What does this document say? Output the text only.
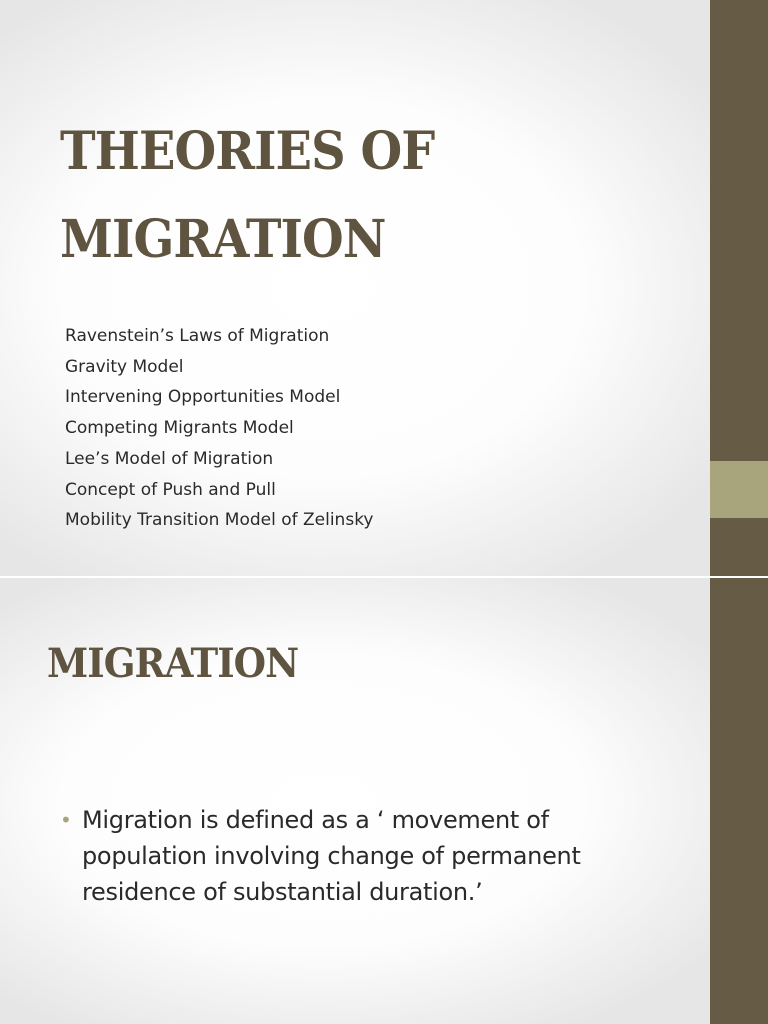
THEORIES OF
MIGRATION
Ravenstein’s Laws of Migration
Gravity Model
Intervening Opportunities Model
Competing Migrants Model
Lee’s Model of Migration
Concept of Push and Pull
Mobility Transition Model of Zelinsky
MIGRATION
• Migration is defined as a ‘ movement of population involving change of permanent residence of substantial duration.’
